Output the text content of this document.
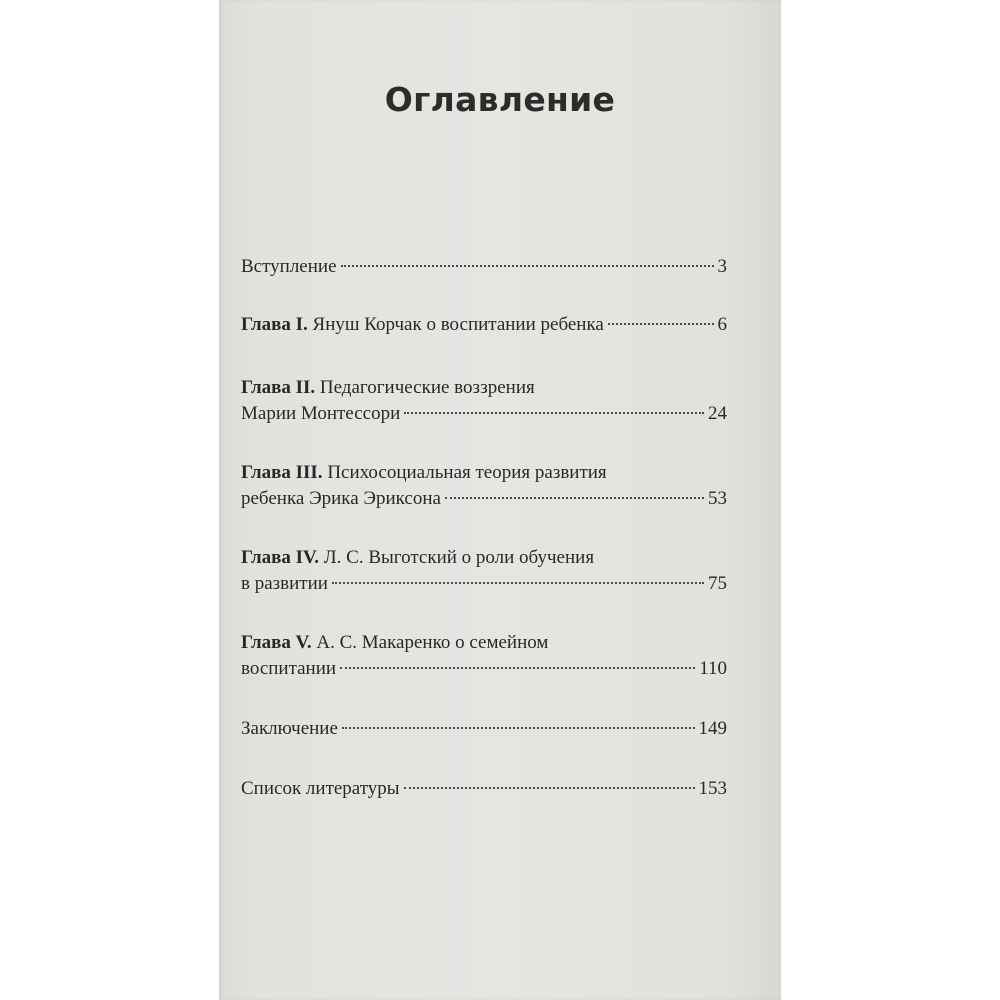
Оглавление
Вступление	3
Глава I. Януш Корчак о воспитании ребенка	6
Глава II. Педагогические воззрения
Марии Монтессори	24
Глава III. Психосоциальная теория развития
ребенка Эрика Эриксона	53
Глава IV. Л. С. Выготский о роли обучения
в развитии	75
Глава V. А. С. Макаренко о семейном
воспитании	110
Заключение	149
Список литературы	153
